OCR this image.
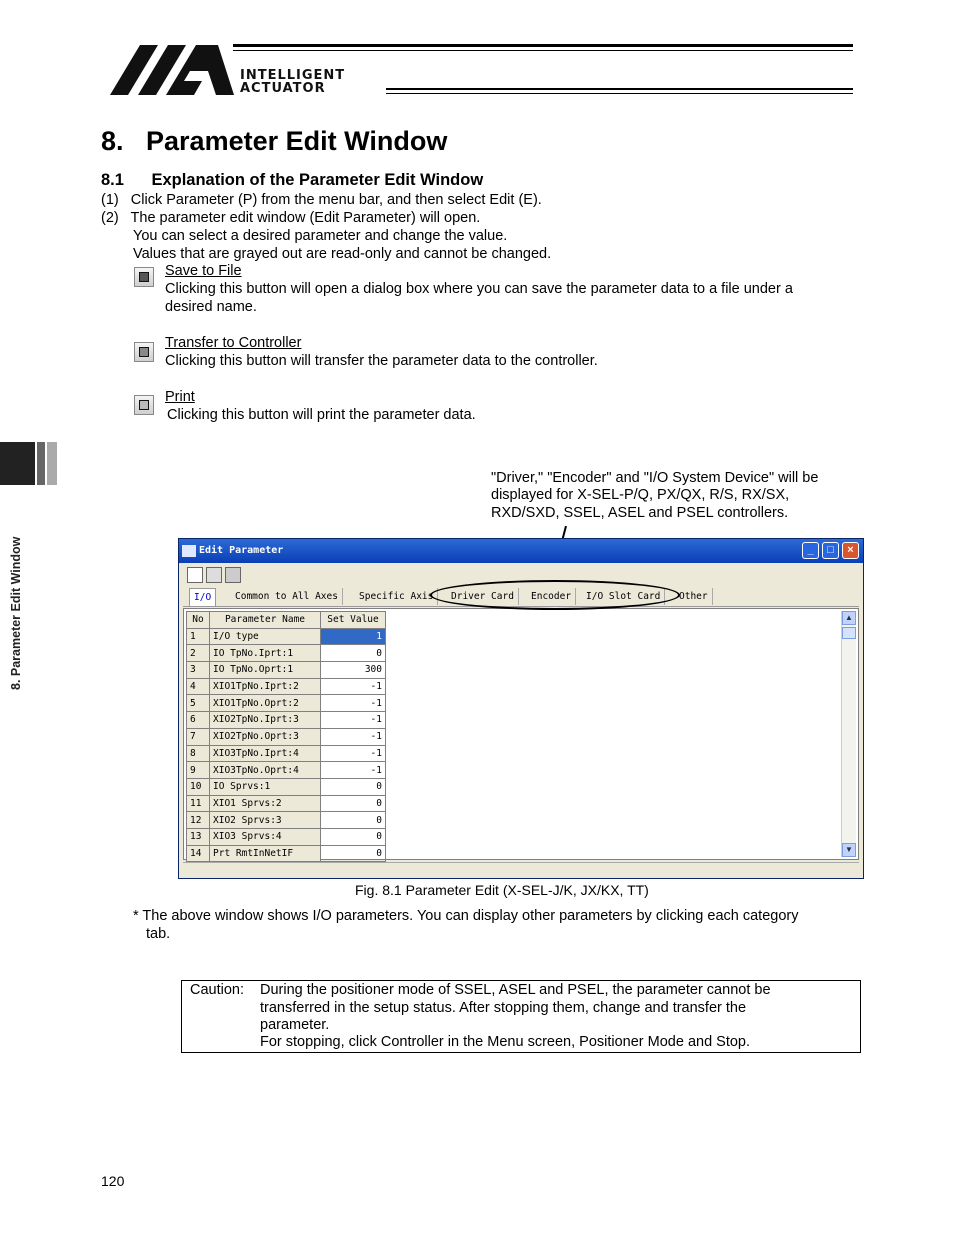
INTELLIGENT
ACTUATOR
8. Parameter Edit Window
8.   Parameter Edit Window
8.1      Explanation of the Parameter Edit Window
(1)   Click Parameter (P) from the menu bar, and then select Edit (E).
(2)   The parameter edit window (Edit Parameter) will open.
You can select a desired parameter and change the value.
Values that are grayed out are read-only and cannot be changed.
Save to File
Clicking this button will open a dialog box where you can save the parameter data to a file under a
desired name.
Transfer to Controller
Clicking this button will transfer the parameter data to the controller.
Print
Clicking this button will print the parameter data.
"Driver," "Encoder" and "I/O System Device" will be
displayed for X-SEL-P/Q, PX/QX, R/S, RX/SX,
RXD/SXD, SSEL, ASEL and PSEL controllers.
Edit Parameter	_	□	×
I/O	Common to All Axes	Specific Axis	Driver Card	Encoder	I/O Slot Card	Other
No	Parameter Name	Set Value
1	I/O type	1
2	IO TpNo.Iprt:1	0
3	IO TpNo.Oprt:1	300
4	XIO1TpNo.Iprt:2	-1
5	XIO1TpNo.Oprt:2	-1
6	XIO2TpNo.Iprt:3	-1
7	XIO2TpNo.Oprt:3	-1
8	XIO3TpNo.Iprt:4	-1
9	XIO3TpNo.Oprt:4	-1
10	IO Sprvs:1	0
11	XIO1 Sprvs:2	0
12	XIO2 Sprvs:3	0
13	XIO3 Sprvs:4	0
14	Prt RmtInNetIF	0
▲
▼
Fig. 8.1 Parameter Edit (X-SEL-J/K, JX/KX, TT)
* The above window shows I/O parameters. You can display other parameters by clicking each category
tab.
Caution: During the positioner mode of SSEL, ASEL and PSEL, the parameter cannot be
transferred in the setup status. After stopping them, change and transfer the
parameter.
For stopping, click Controller in the Menu screen, Positioner Mode and Stop.
120
